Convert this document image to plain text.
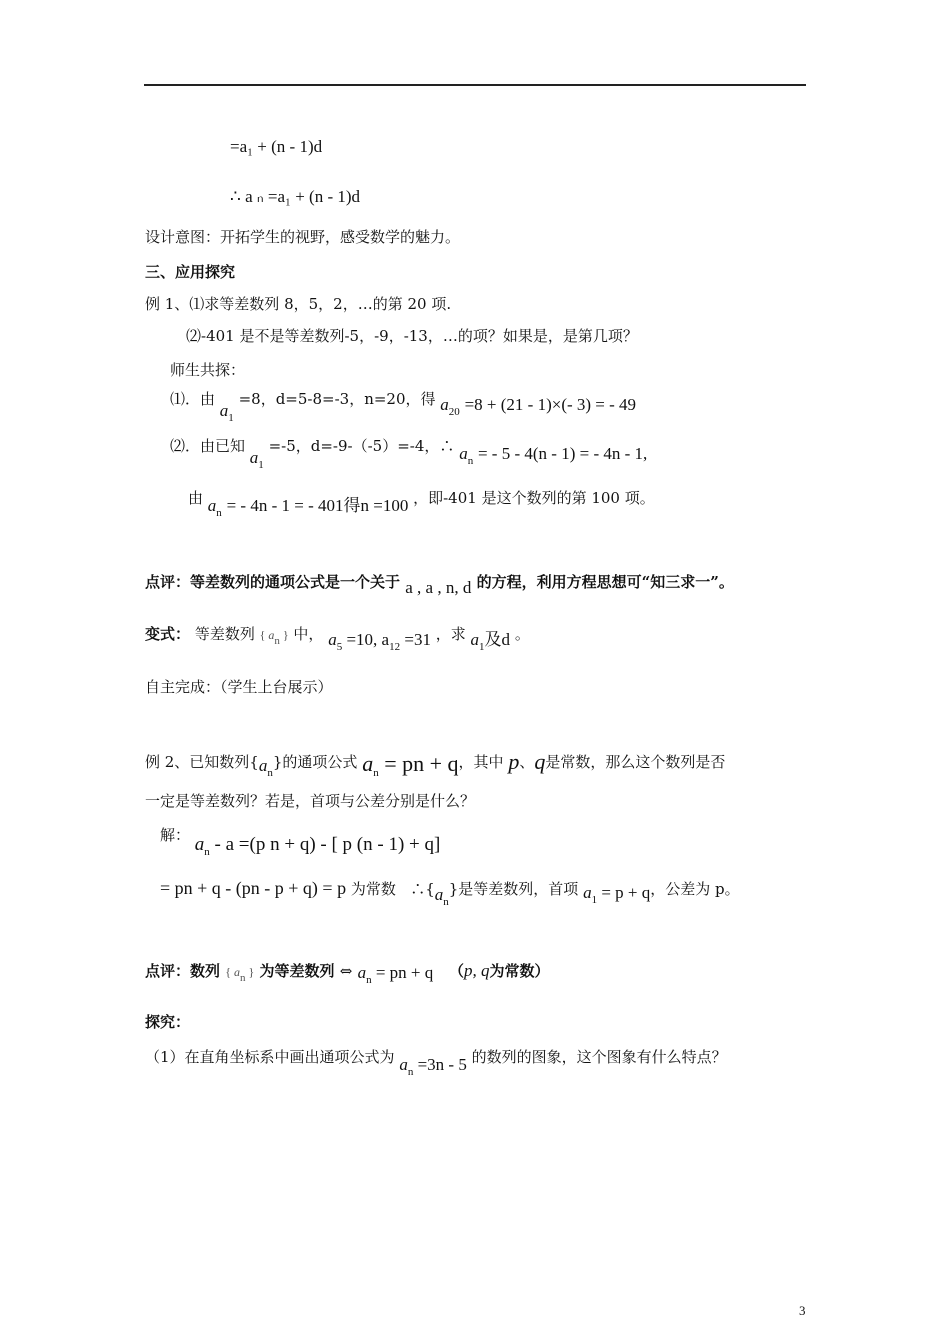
=a₁ + (n - 1)d
∴ a ₙ =a₁ + (n - 1)d
设计意图：开拓学生的视野，感受数学的魅力。
三、应用探究
例 1、⑴求等差数列 8，5，2，…的第 20 项.
⑵-401 是不是等差数列-5，-9，-13，…的项？如果是，是第几项？
师生共探：
⑴．由 $a_1 =8$，d=5-8=-3，n=20，得 $a_{20} =8 + (21 - 1)\times(-$ 3) = - 49
⑵．由已知 $a_1 =-5$，d=-9-（-5）=-4，∴ $a_n$ = - 5 - 4(n - 1) = - 4n - 1,
由 $a_n$ = - 4n - 1 = - 401得n =100 ，即-401 是这个数列的第 100 项。
点评：等差数列的通项公式是一个关于 a , a , n, d 的方程，利用方程思想可“知三求一”。
变式： 等差数列 { an } 中， $a_5 =10$, $a_{12} =31$ ，求 $a_1$及d 。
自主完成：（学生上台展示）
例 2、已知数列$\{a_n\}$的通项公式 $a_n$ = pn + q，其中 p、q是常数，那么这个数列是否
一定是等差数列？若是，首项与公差分别是什么？
解： $a_n - a =(p$ n + q) - [ p (n - 1) + q]
= pn + q - (pn - p + q) = p 为常数 $\therefore\{a_n\}$是等差数列，首项 $a_1 = p + q$，公差为 p。
点评：数列 { an } 为等差数列 ⇔ $a_n$ = pn + q （p, q为常数）
探究：
（1）在直角坐标系中画出通项公式为 $a_n =3n - 5$ 的数列的图象，这个图象有什么特点？
3
